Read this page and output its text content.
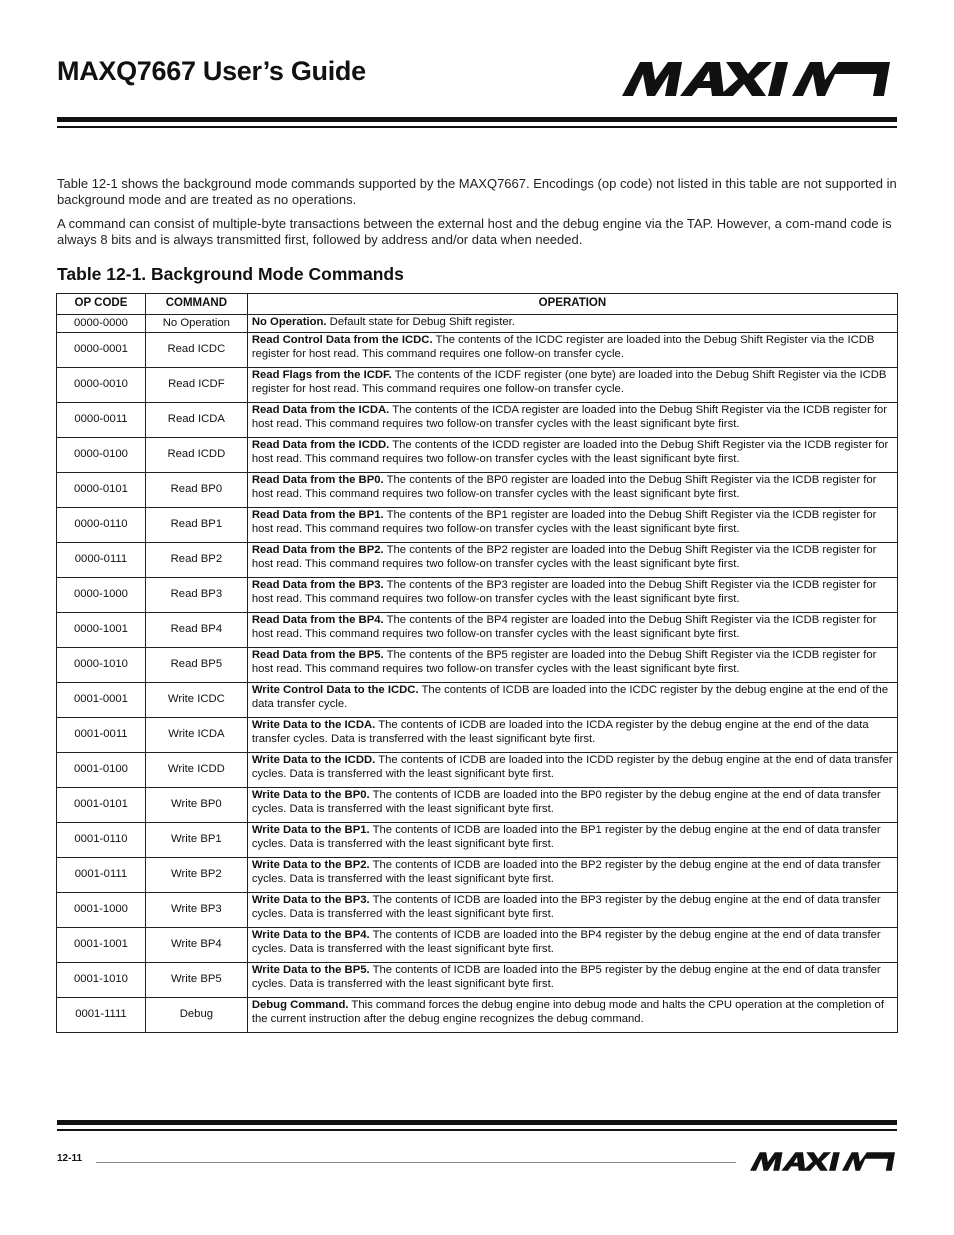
MAXQ7667 User’s Guide

Table 12-1 shows the background mode commands supported by the MAXQ7667. Encodings (op code) not listed in this table are not supported in background mode and are treated as no operations.

A command can consist of multiple-byte transactions between the external host and the debug engine via the TAP. However, a com-mand code is always 8 bits and is always transmitted first, followed by address and/or data when needed.

Table 12-1. Background Mode Commands
OP CODE	COMMAND	OPERATION
0000-0000	No Operation	No Operation. Default state for Debug Shift register.
0000-0001	Read ICDC	Read Control Data from the ICDC. The contents of the ICDC register are loaded into the Debug Shift Register via the ICDB register for host read. This command requires one follow-on transfer cycle.
0000-0010	Read ICDF	Read Flags from the ICDF. The contents of the ICDF register (one byte) are loaded into the Debug Shift Register via the ICDB register for host read. This command requires one follow-on transfer cycle.
0000-0011	Read ICDA	Read Data from the ICDA. The contents of the ICDA register are loaded into the Debug Shift Register via the ICDB register for host read. This command requires two follow-on transfer cycles with the least significant byte first.
0000-0100	Read ICDD	Read Data from the ICDD. The contents of the ICDD register are loaded into the Debug Shift Register via the ICDB register for host read. This command requires two follow-on transfer cycles with the least significant byte first.
0000-0101	Read BP0	Read Data from the BP0. The contents of the BP0 register are loaded into the Debug Shift Register via the ICDB register for host read. This command requires two follow-on transfer cycles with the least significant byte first.
0000-0110	Read BP1	Read Data from the BP1. The contents of the BP1 register are loaded into the Debug Shift Register via the ICDB register for host read. This command requires two follow-on transfer cycles with the least significant byte first.
0000-0111	Read BP2	Read Data from the BP2. The contents of the BP2 register are loaded into the Debug Shift Register via the ICDB register for host read. This command requires two follow-on transfer cycles with the least significant byte first.
0000-1000	Read BP3	Read Data from the BP3. The contents of the BP3 register are loaded into the Debug Shift Register via the ICDB register for host read. This command requires two follow-on transfer cycles with the least significant byte first.
0000-1001	Read BP4	Read Data from the BP4. The contents of the BP4 register are loaded into the Debug Shift Register via the ICDB register for host read. This command requires two follow-on transfer cycles with the least significant byte first.
0000-1010	Read BP5	Read Data from the BP5. The contents of the BP5 register are loaded into the Debug Shift Register via the ICDB register for host read. This command requires two follow-on transfer cycles with the least significant byte first.
0001-0001	Write ICDC	Write Control Data to the ICDC. The contents of ICDB are loaded into the ICDC register by the debug engine at the end of the data transfer cycle.
0001-0011	Write ICDA	Write Data to the ICDA. The contents of ICDB are loaded into the ICDA register by the debug engine at the end of the data transfer cycles. Data is transferred with the least significant byte first.
0001-0100	Write ICDD	Write Data to the ICDD. The contents of ICDB are loaded into the ICDD register by the debug engine at the end of data transfer cycles. Data is transferred with the least significant byte first.
0001-0101	Write BP0	Write Data to the BP0. The contents of ICDB are loaded into the BP0 register by the debug engine at the end of data transfer cycles. Data is transferred with the least significant byte first.
0001-0110	Write BP1	Write Data to the BP1. The contents of ICDB are loaded into the BP1 register by the debug engine at the end of data transfer cycles. Data is transferred with the least significant byte first.
0001-0111	Write BP2	Write Data to the BP2. The contents of ICDB are loaded into the BP2 register by the debug engine at the end of data transfer cycles. Data is transferred with the least significant byte first.
0001-1000	Write BP3	Write Data to the BP3. The contents of ICDB are loaded into the BP3 register by the debug engine at the end of data transfer cycles. Data is transferred with the least significant byte first.
0001-1001	Write BP4	Write Data to the BP4. The contents of ICDB are loaded into the BP4 register by the debug engine at the end of data transfer cycles. Data is transferred with the least significant byte first.
0001-1010	Write BP5	Write Data to the BP5. The contents of ICDB are loaded into the BP5 register by the debug engine at the end of data transfer cycles. Data is transferred with the least significant byte first.
0001-1111	Debug	Debug Command. This command forces the debug engine into debug mode and halts the CPU operation at the completion of the current instruction after the debug engine recognizes the debug command.
12-11
